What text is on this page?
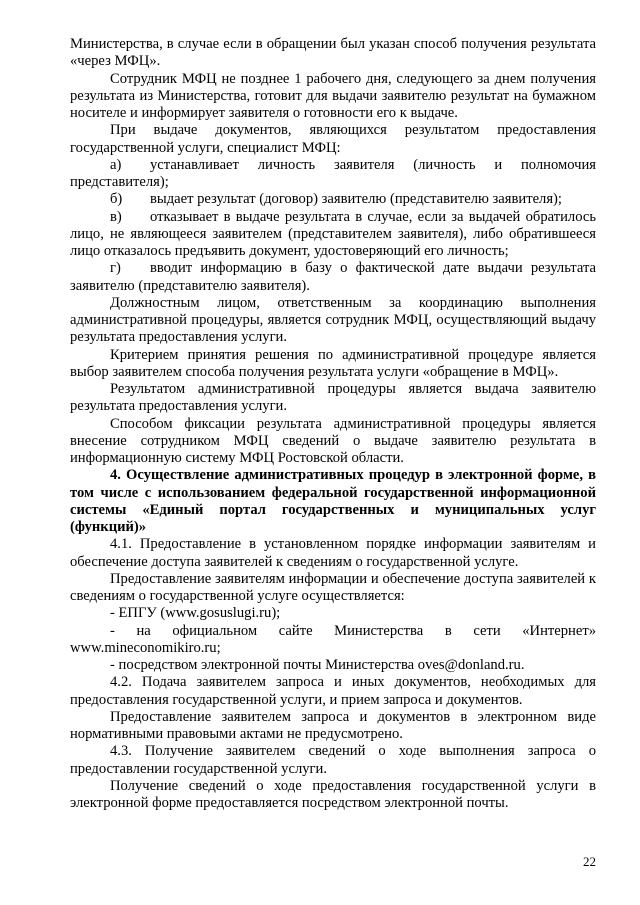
Министерства, в случае если в обращении был указан способ получения результата «через МФЦ».

Сотрудник МФЦ не позднее 1 рабочего дня, следующего за днем получения результата из Министерства, готовит для выдачи заявителю результат на бумажном носителе и информирует заявителя о готовности его к выдаче.

При выдаче документов, являющихся результатом предоставления государственной услуги, специалист МФЦ:

а) устанавливает личность заявителя (личность и полномочия представителя);

б) выдает результат (договор) заявителю (представителю заявителя);

в) отказывает в выдаче результата в случае, если за выдачей обратилось лицо, не являющееся заявителем (представителем заявителя), либо обратившееся лицо отказалось предъявить документ, удостоверяющий его личность;

г) вводит информацию в базу о фактической дате выдачи результата заявителю (представителю заявителя).

Должностным лицом, ответственным за координацию выполнения административной процедуры, является сотрудник МФЦ, осуществляющий выдачу результата предоставления услуги.

Критерием принятия решения по административной процедуре является выбор заявителем способа получения результата услуги «обращение в МФЦ».

Результатом административной процедуры является выдача заявителю результата предоставления услуги.

Способом фиксации результата административной процедуры является внесение сотрудником МФЦ сведений о выдаче заявителю результата в информационную систему МФЦ Ростовской области.

4. Осуществление административных процедур в электронной форме, в том числе с использованием федеральной государственной информационной системы «Единый портал государственных и муниципальных услуг (функций)»

4.1. Предоставление в установленном порядке информации заявителям и обеспечение доступа заявителей к сведениям о государственной услуге.

Предоставление заявителям информации и обеспечение доступа заявителей к сведениям о государственной услуге осуществляется:

- ЕПГУ (www.gosuslugi.ru);

- на официальном сайте Министерства в сети «Интернет» www.mineconomikiro.ru;

- посредством электронной почты Министерства oves@donland.ru.

4.2. Подача заявителем запроса и иных документов, необходимых для предоставления государственной услуги, и прием запроса и документов.

Предоставление заявителем запроса и документов в электронном виде нормативными правовыми актами не предусмотрено.

4.3. Получение заявителем сведений о ходе выполнения запроса о предоставлении государственной услуги.

Получение сведений о ходе предоставления государственной услуги в электронной форме предоставляется посредством электронной почты.

22
